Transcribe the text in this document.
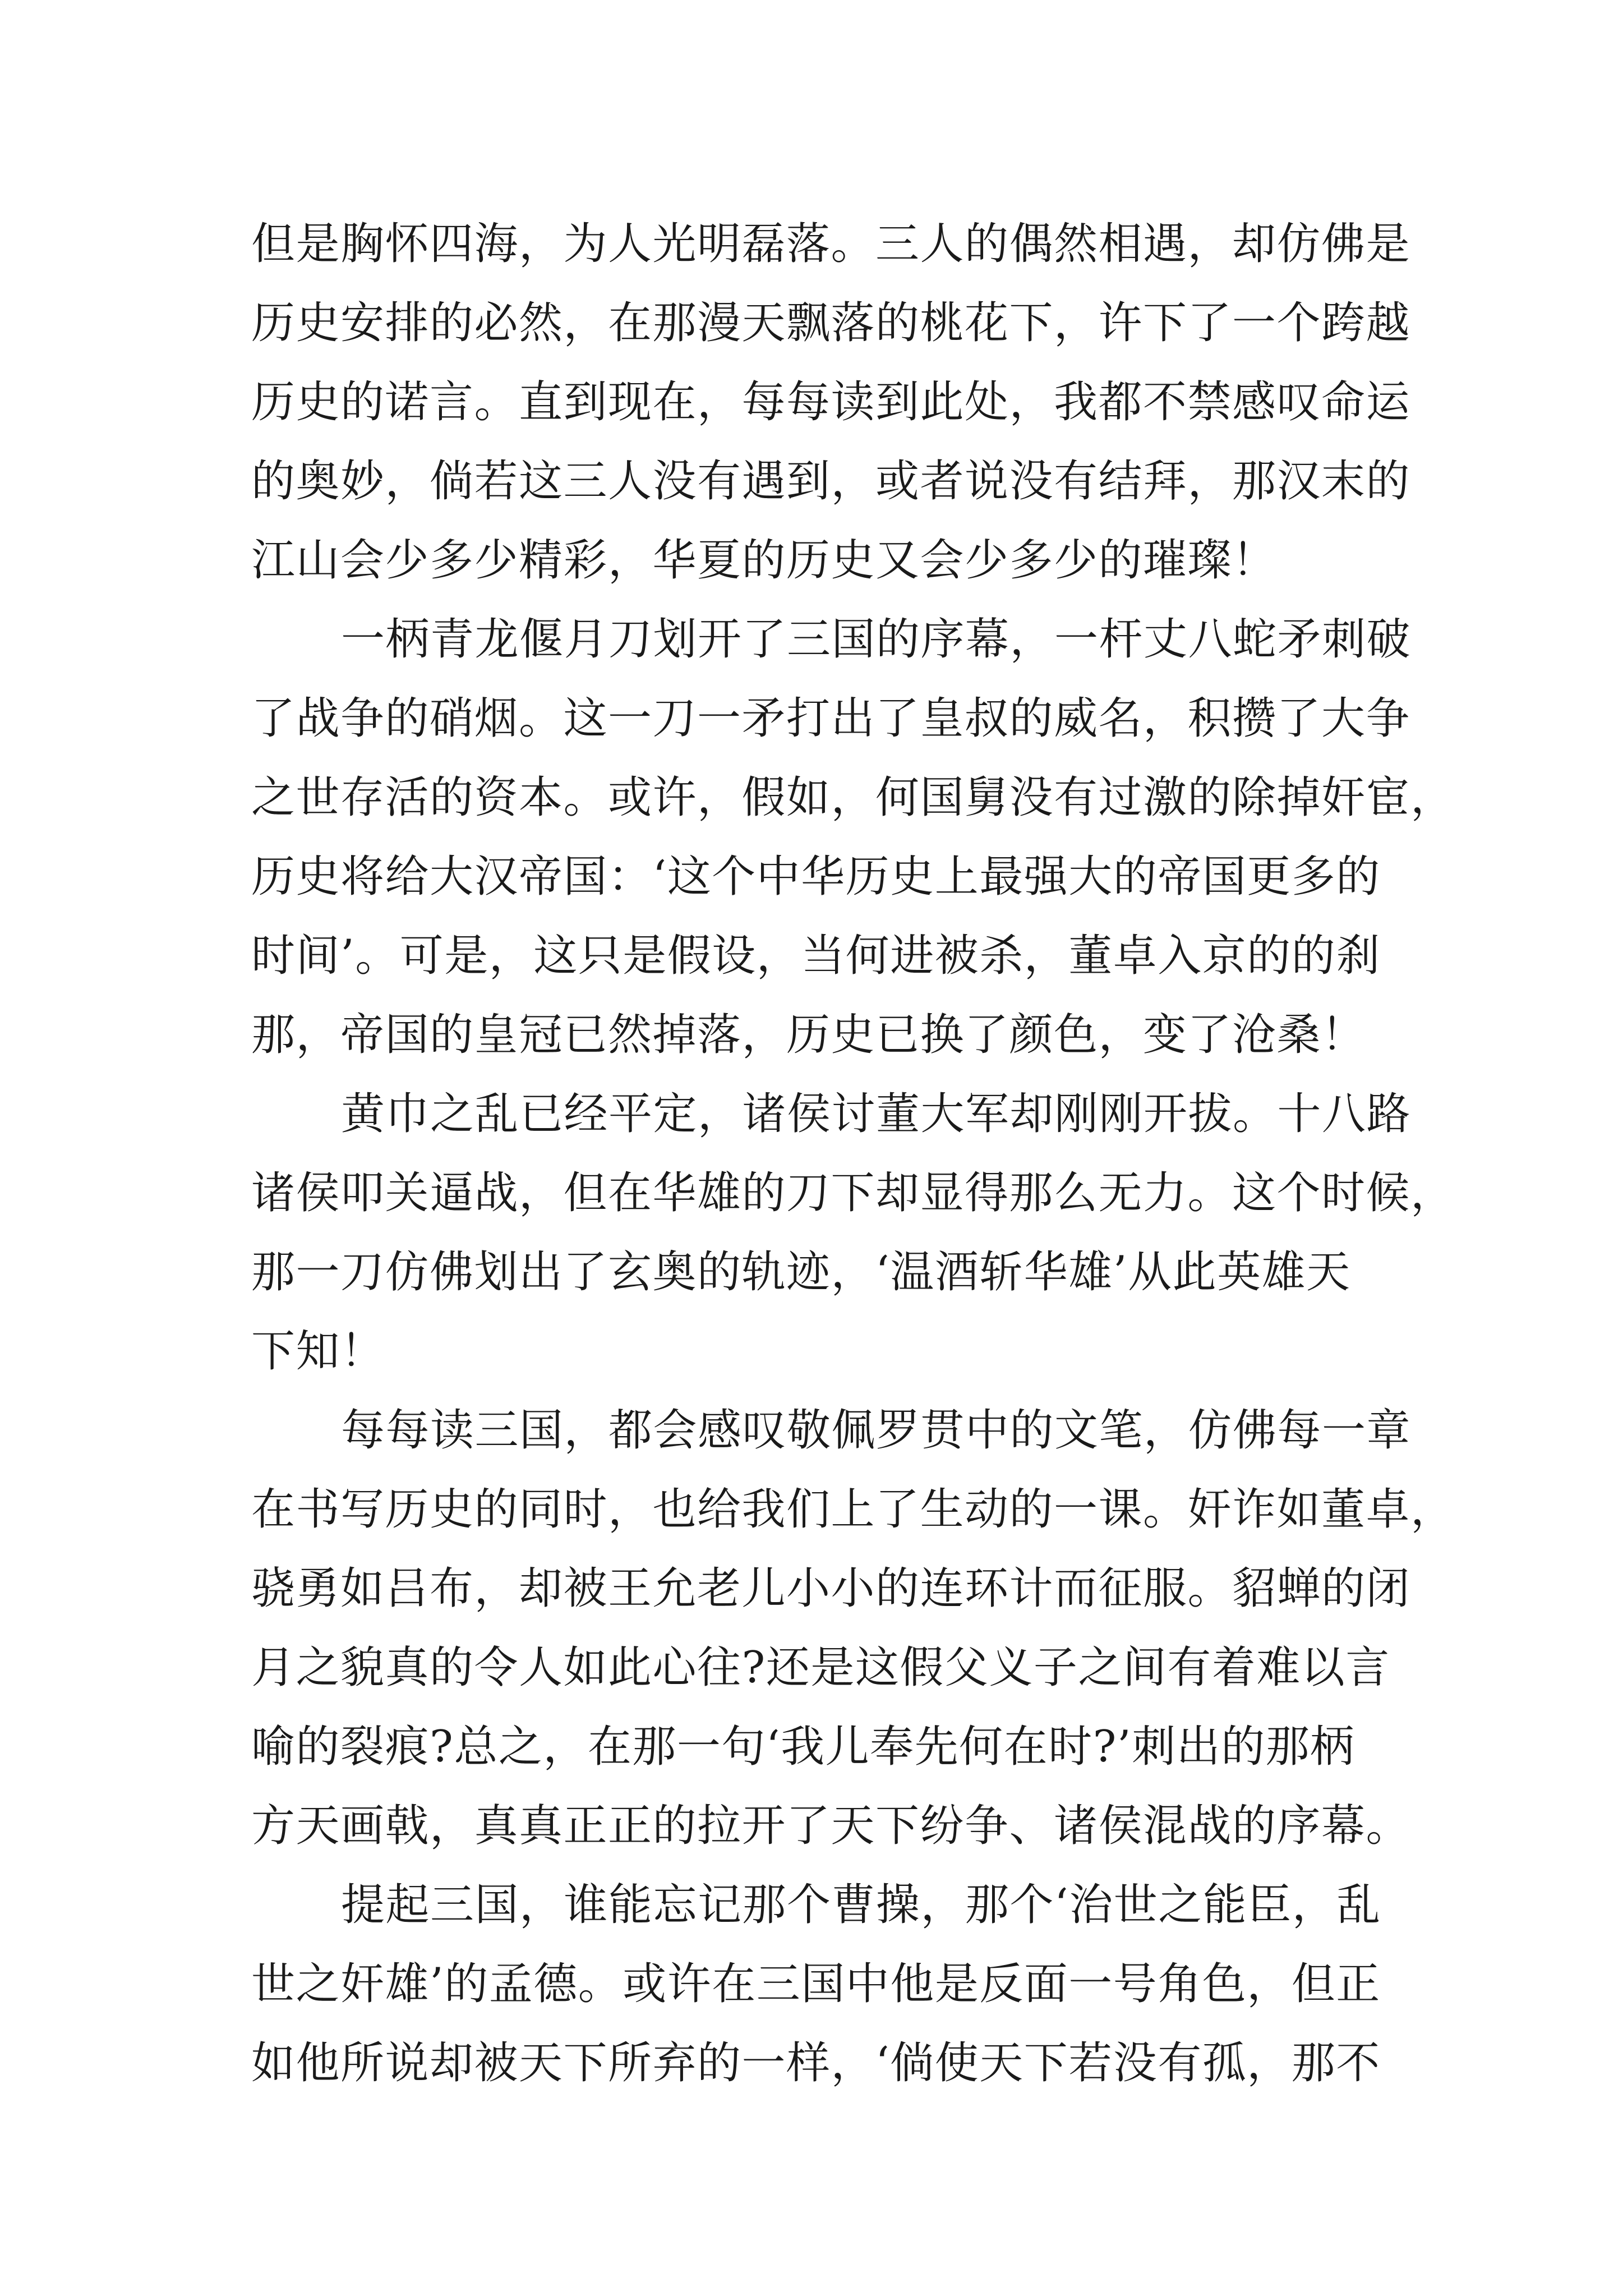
但是胸怀四海，为人光明磊落。三人的偶然相遇，却仿佛是
历史安排的必然，在那漫天飘落的桃花下，许下了一个跨越
历史的诺言。直到现在，每每读到此处，我都不禁感叹命运
的奥妙，倘若这三人没有遇到，或者说没有结拜，那汉末的
江山会少多少精彩，华夏的历史又会少多少的璀璨！
一柄青龙偃月刀划开了三国的序幕，一杆丈八蛇矛刺破
了战争的硝烟。这一刀一矛打出了皇叔的威名，积攒了大争
之世存活的资本。或许，假如，何国舅没有过激的除掉奸宦，
历史将给大汉帝国：‘这个中华历史上最强大的帝国更多的
时间’。可是，这只是假设，当何进被杀，董卓入京的的刹
那，帝国的皇冠已然掉落，历史已换了颜色，变了沧桑！
黄巾之乱已经平定，诸侯讨董大军却刚刚开拔。十八路
诸侯叩关逼战，但在华雄的刀下却显得那么无力。这个时候，
那一刀仿佛划出了玄奥的轨迹，‘温酒斩华雄’从此英雄天
下知！
每每读三国，都会感叹敬佩罗贯中的文笔，仿佛每一章
在书写历史的同时，也给我们上了生动的一课。奸诈如董卓，
骁勇如吕布，却被王允老儿小小的连环计而征服。貂蝉的闭
月之貌真的令人如此心往?还是这假父义子之间有着难以言
喻的裂痕?总之，在那一句‘我儿奉先何在时?’刺出的那柄
方天画戟，真真正正的拉开了天下纷争、诸侯混战的序幕。
提起三国，谁能忘记那个曹操，那个‘治世之能臣，乱
世之奸雄’的孟德。或许在三国中他是反面一号角色，但正
如他所说却被天下所弃的一样，‘倘使天下若没有孤，那不
